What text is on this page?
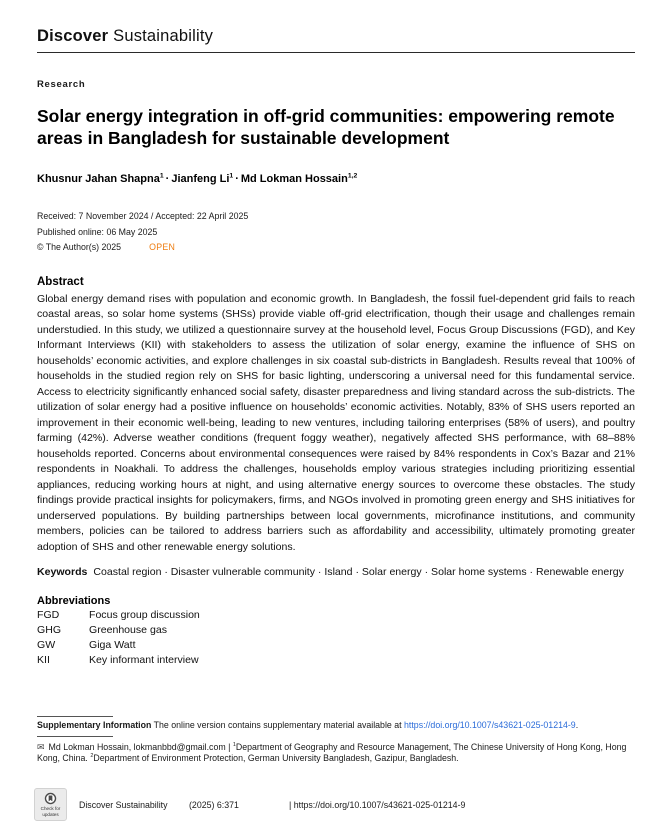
Discover Sustainability
Research
Solar energy integration in off-grid communities: empowering remote areas in Bangladesh for sustainable development
Khusnur Jahan Shapna$^1$ · Jianfeng $Li^1 \cdot Md$ Lokman Hossain$^{1,2}$
Received: 7 November 2024 / Accepted: 22 April 2025
Published online: 06 May 2025
© The Author(s) 2025	OPEN
Abstract

Global energy demand rises with population and economic growth. In Bangladesh, the fossil fuel-dependent grid fails to reach coastal areas, so solar home systems (SHSs) provide viable off-grid electrification, though their usage and challenges remain understudied. In this study, we utilized a questionnaire survey at the household level, Focus Group Discussions (FGD), and Key Informant Interviews (KII) with stakeholders to assess the utilization of solar energy, examine the influence of SHS on households’ economic activities, and explore challenges in six coastal sub-districts in Bangladesh. Results reveal that 100% of households in the studied region rely on SHS for basic lighting, underscoring a universal need for this fundamental service. Access to electricity significantly enhanced social safety, disaster preparedness and living standard across the sub-districts. The utilization of solar energy had a positive influence on households’ economic activities. Notably, 83% of SHS users reported an improvement in their economic well-being, leading to new ventures, including tailoring enterprises (58% of users), and poultry farming (42%). Adverse weather conditions (frequent foggy weather), negatively affected SHS performance, with 68–88% households reported. Concerns about environmental consequences were raised by 84% respondents in Cox’s Bazar and 21% respondents in Noakhali. To address the challenges, households employ various strategies including prioritizing essential appliances, reducing working hours at night, and using alternative energy sources to overcome these obstacles. The study findings provide practical insights for policymakers, firms, and NGOs involved in promoting green energy and SHS initiatives for underserved populations. By building partnerships between local governments, microfinance institutions, and community members, policies can be tailored to address barriers such as affordability and accessibility, ultimately promoting greater adoption of SHS and other renewable energy solutions.

Keywords Coastal region · Disaster vulnerable community · Island · Solar energy · Solar home systems · Renewable energy

Abbreviations
FGD	Focus group discussion
GHG	Greenhouse gas
GW	Giga Watt
KII	Key informant interview

Supplementary Information The online version contains supplementary material available at https://doi.org/10.1007/s43621-025-01214-9.

✉ Md Lokman Hossain, lokmanbbd@gmail.com | $^1$Department of Geography and Resource Management, The Chinese University of Hong Kong, Hong Kong, China. $^2$Department of Environment Protection, German University Bangladesh, Gazipur, Bangladesh.

Check for updates
Discover Sustainability	(2025) 6:371	| https://doi.org/10.1007/s43621-025-01214-9
